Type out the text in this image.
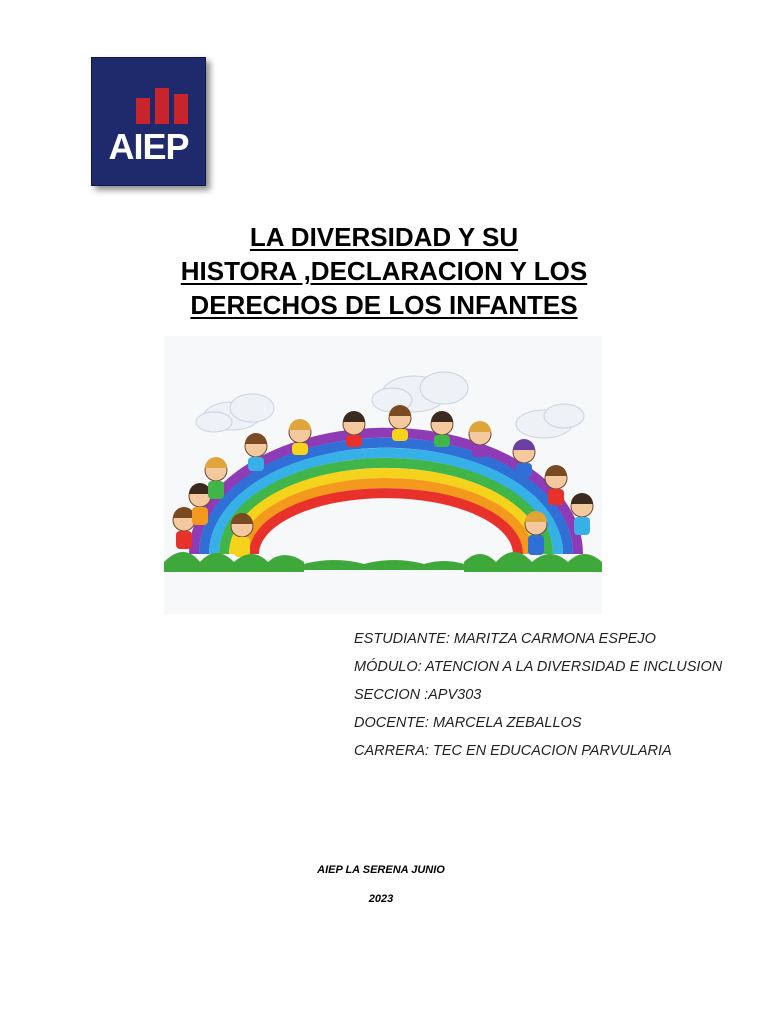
AIEP
LA DIVERSIDAD Y SU
HISTORA ,DECLARACION Y LOS
DERECHOS DE LOS INFANTES
ESTUDIANTE: MARITZA CARMONA ESPEJO
MÓDULO: ATENCION A LA DIVERSIDAD E INCLUSION
SECCION :APV303
DOCENTE: MARCELA ZEBALLOS
CARRERA: TEC EN EDUCACION PARVULARIA
AIEP LA SERENA JUNIO
2023
